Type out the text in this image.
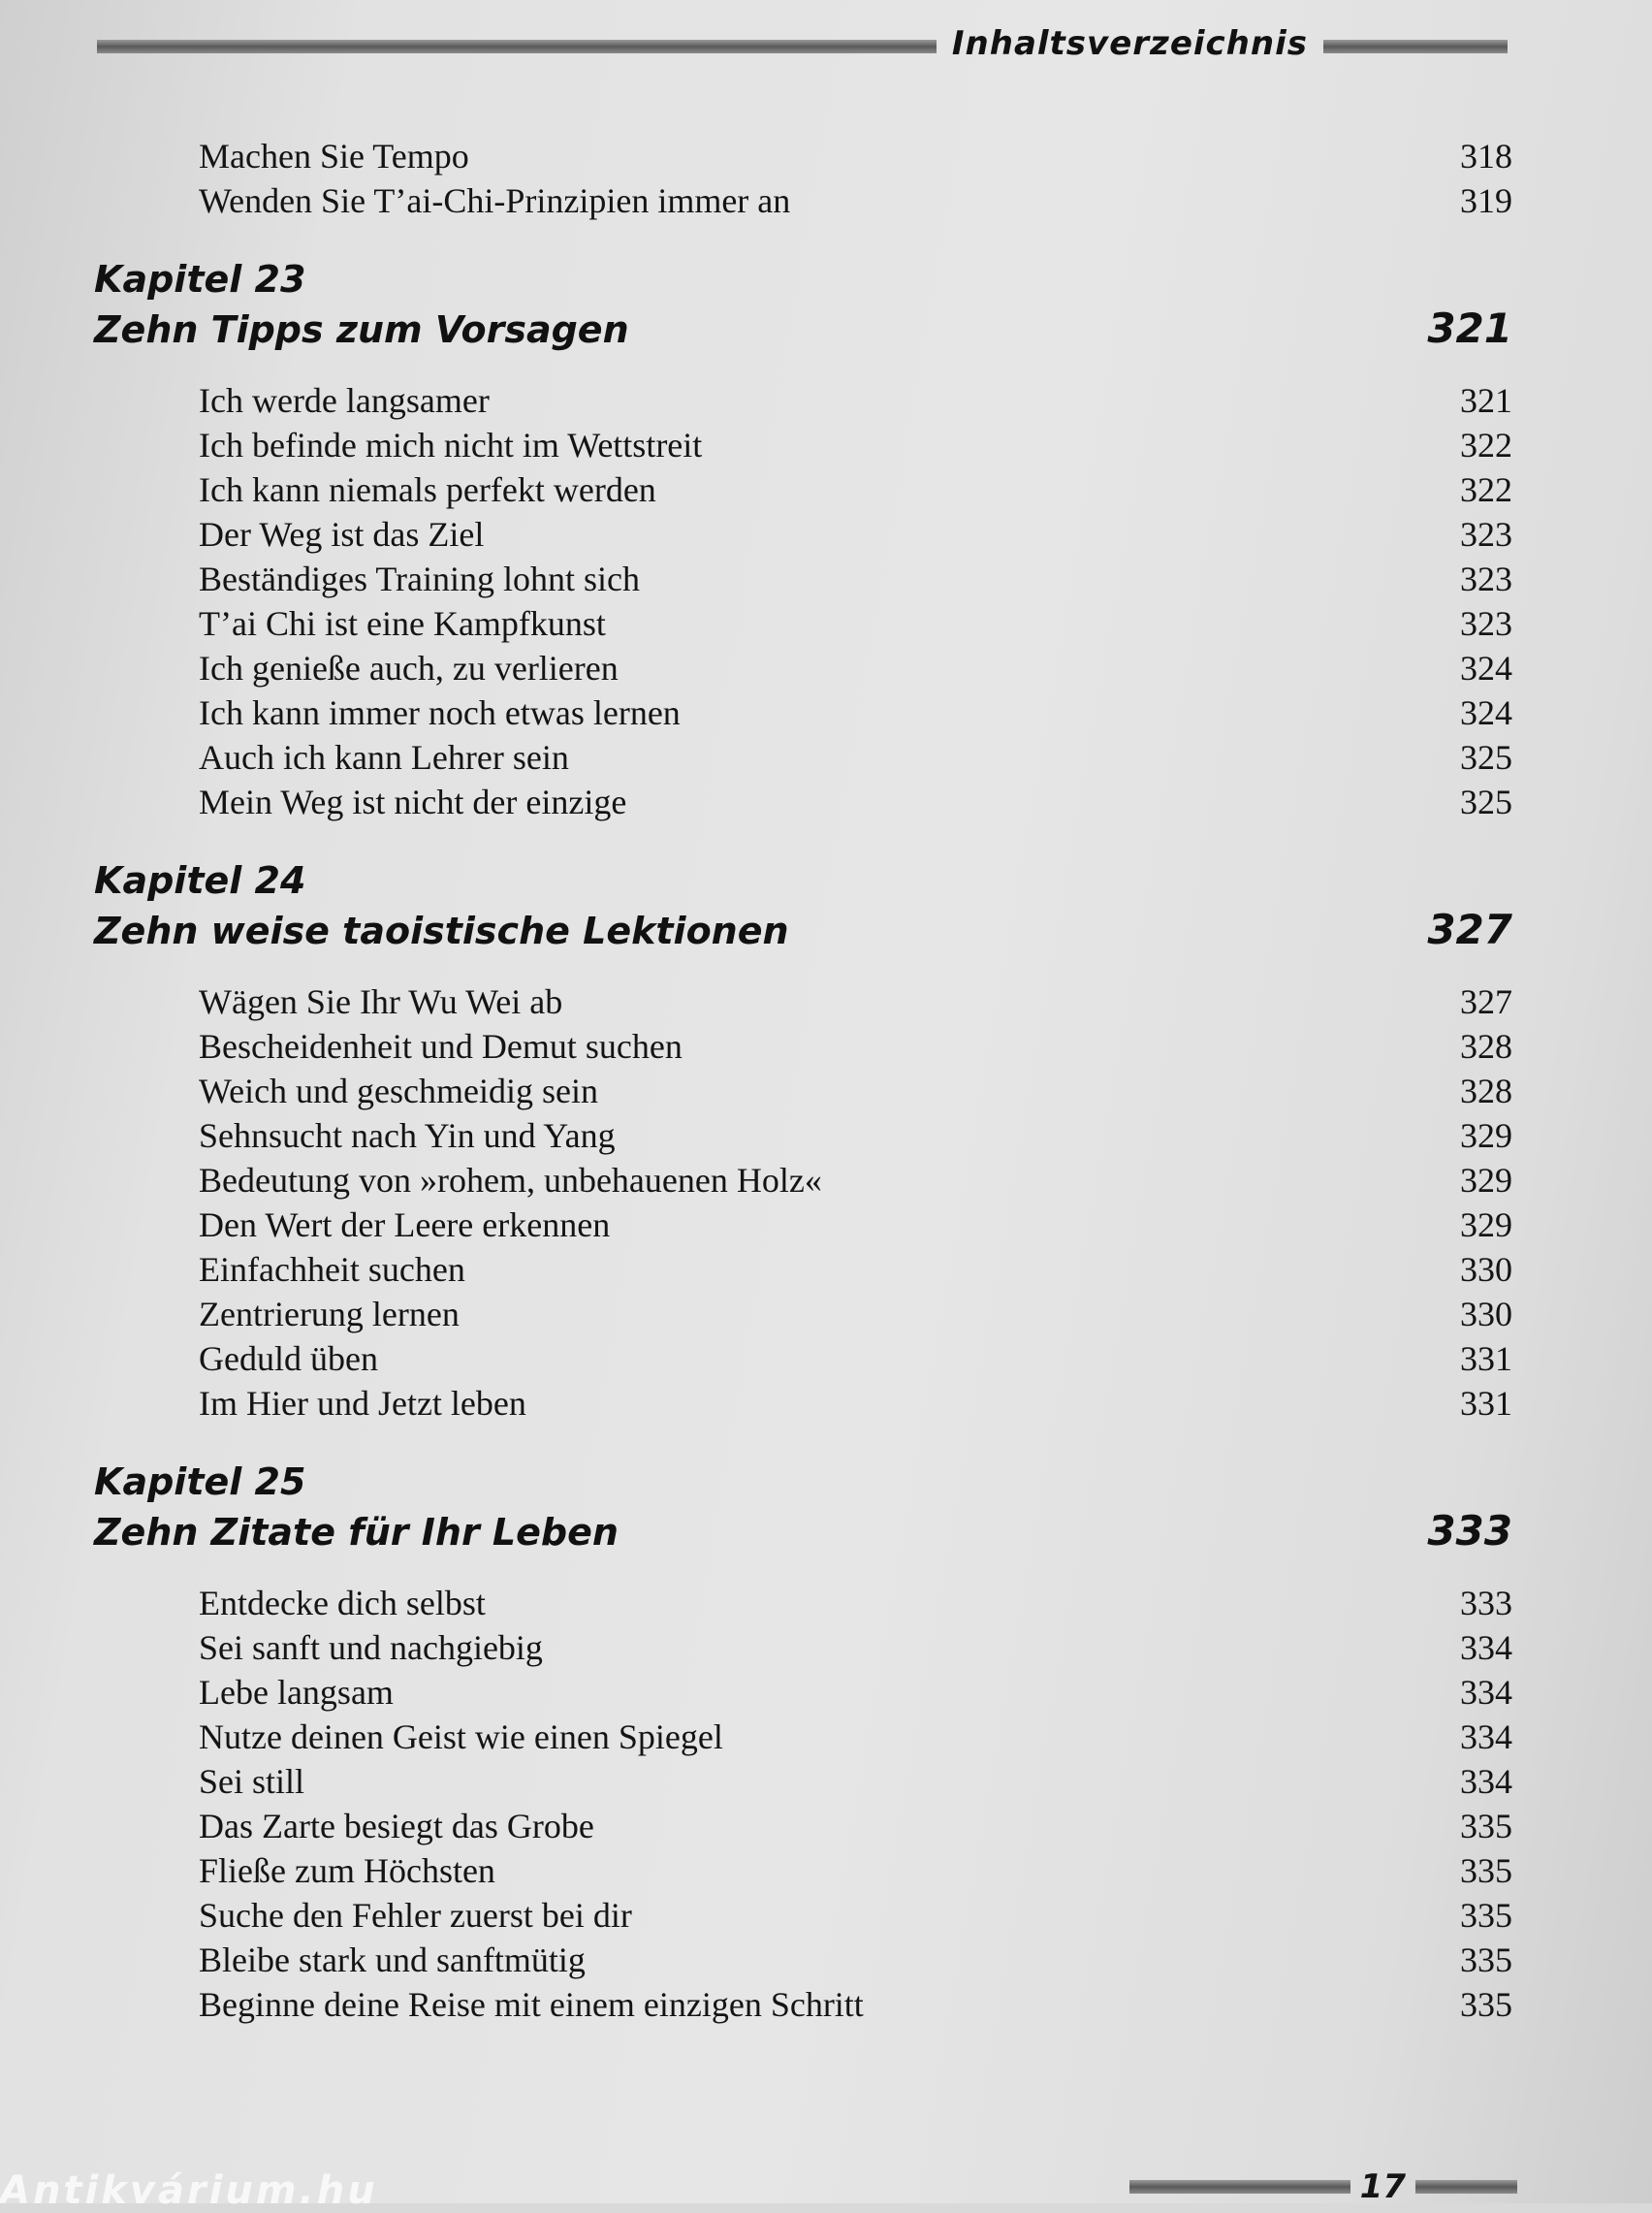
Inhaltsverzeichnis
Machen Sie Tempo	318
Wenden Sie T’ai-Chi-Prinzipien immer an	319
Kapitel 23
Zehn Tipps zum Vorsagen	321
Ich werde langsamer	321
Ich befinde mich nicht im Wettstreit	322
Ich kann niemals perfekt werden	322
Der Weg ist das Ziel	323
Beständiges Training lohnt sich	323
T’ai Chi ist eine Kampfkunst	323
Ich genieße auch, zu verlieren	324
Ich kann immer noch etwas lernen	324
Auch ich kann Lehrer sein	325
Mein Weg ist nicht der einzige	325
Kapitel 24
Zehn weise taoistische Lektionen	327
Wägen Sie Ihr Wu Wei ab	327
Bescheidenheit und Demut suchen	328
Weich und geschmeidig sein	328
Sehnsucht nach Yin und Yang	329
Bedeutung von »rohem, unbehauenen Holz«	329
Den Wert der Leere erkennen	329
Einfachheit suchen	330
Zentrierung lernen	330
Geduld üben	331
Im Hier und Jetzt leben	331
Kapitel 25
Zehn Zitate für Ihr Leben	333
Entdecke dich selbst	333
Sei sanft und nachgiebig	334
Lebe langsam	334
Nutze deinen Geist wie einen Spiegel	334
Sei still	334
Das Zarte besiegt das Grobe	335
Fließe zum Höchsten	335
Suche den Fehler zuerst bei dir	335
Bleibe stark und sanftmütig	335
Beginne deine Reise mit einem einzigen Schritt	335
17
Antikvárium.hu
